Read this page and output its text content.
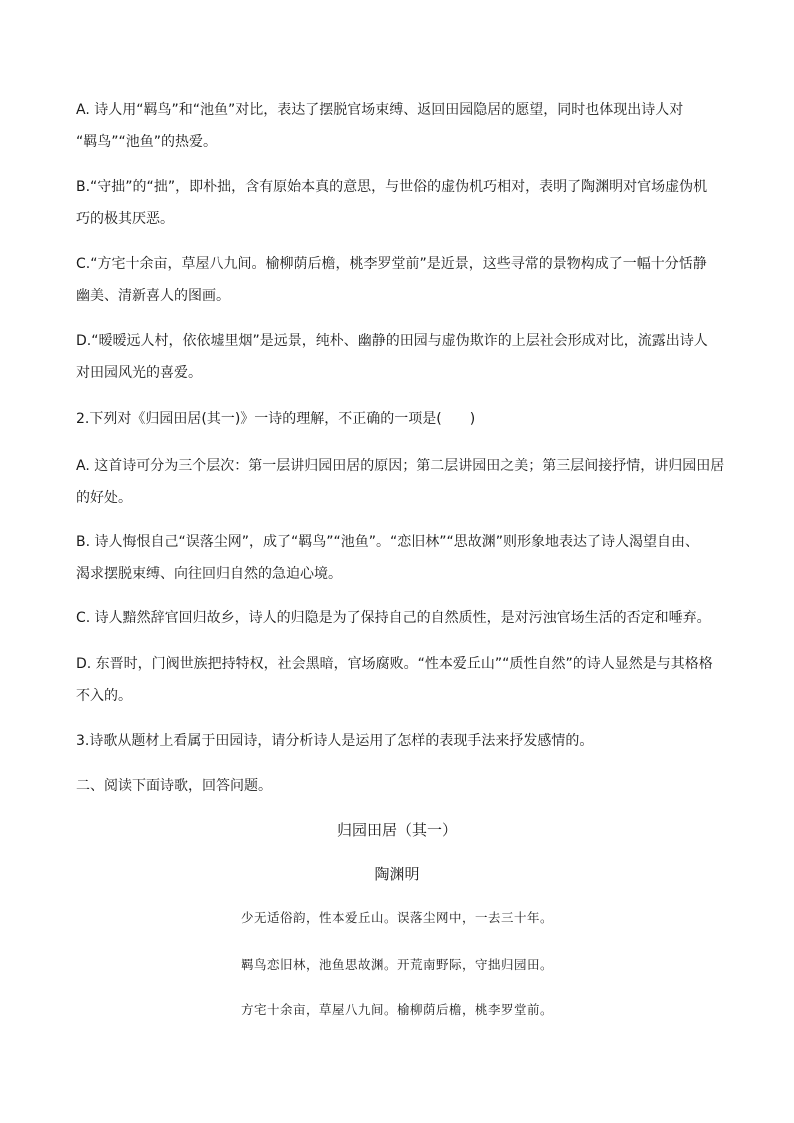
A. 诗人用“羁鸟”和“池鱼”对比，表达了摆脱官场束缚、返回田园隐居的愿望，同时也体现出诗人对
“羁鸟”“池鱼”的热爱。
B.“守拙”的“拙”，即朴拙，含有原始本真的意思，与世俗的虚伪机巧相对，表明了陶渊明对官场虚伪机
巧的极其厌恶。
C.“方宅十余亩，草屋八九间。榆柳荫后檐，桃李罗堂前”是近景，这些寻常的景物构成了一幅十分恬静
幽美、清新喜人的图画。
D.“暧暧远人村，依依墟里烟”是远景，纯朴、幽静的田园与虚伪欺诈的上层社会形成对比，流露出诗人
对田园风光的喜爱。

2.下列对《归园田居(其一)》一诗的理解，不正确的一项是(　　)

A. 这首诗可分为三个层次：第一层讲归园田居的原因；第二层讲园田之美；第三层间接抒情，讲归园田居
的好处。
B. 诗人悔恨自己“误落尘网”，成了“羁鸟”“池鱼”。“恋旧林”“思故渊”则形象地表达了诗人渴望自由、
渴求摆脱束缚、向往回归自然的急迫心境。
C. 诗人黯然辞官回归故乡，诗人的归隐是为了保持自己的自然质性，是对污浊官场生活的否定和唾弃。
D. 东晋时，门阀世族把持特权，社会黑暗，官场腐败。“性本爱丘山”“质性自然”的诗人显然是与其格格
不入的。

3.诗歌从题材上看属于田园诗，请分析诗人是运用了怎样的表现手法来抒发感情的。

二、阅读下面诗歌，回答问题。

归园田居（其一）

陶渊明

少无适俗韵，性本爱丘山。误落尘网中，一去三十年。

羁鸟恋旧林，池鱼思故渊。开荒南野际，守拙归园田。

方宅十余亩，草屋八九间。榆柳荫后檐，桃李罗堂前。
